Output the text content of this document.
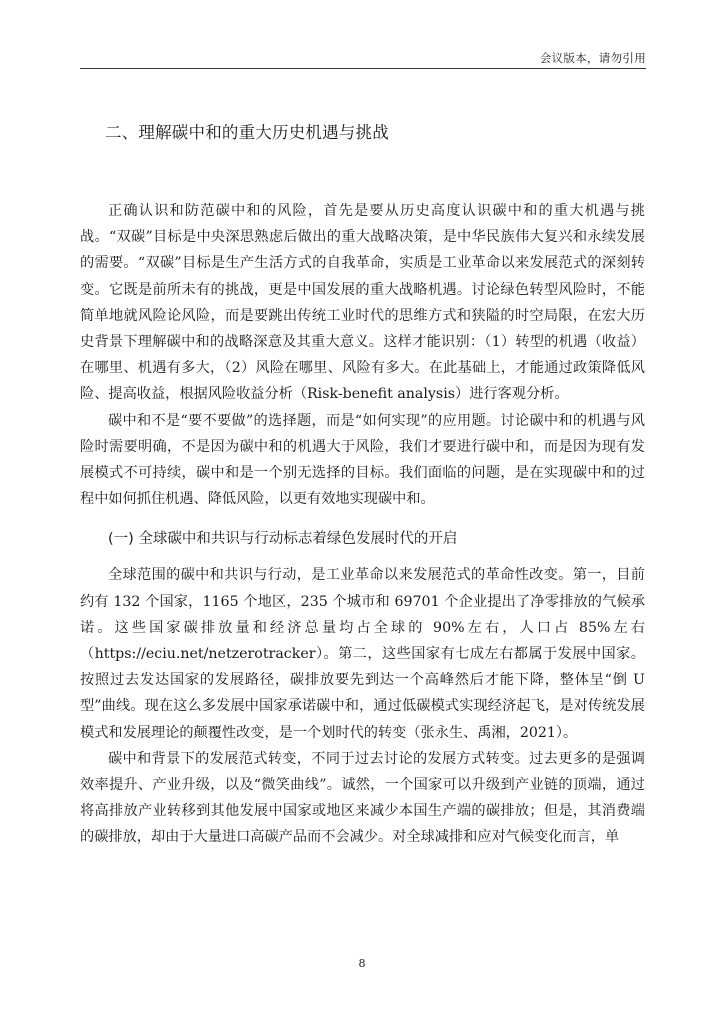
会议版本，请勿引用
二、理解碳中和的重大历史机遇与挑战

正确认识和防范碳中和的风险，首先是要从历史高度认识碳中和的重大机遇与挑战。“双碳”目标是中央深思熟虑后做出的重大战略决策，是中华民族伟大复兴和永续发展的需要。“双碳”目标是生产生活方式的自我革命，实质是工业革命以来发展范式的深刻转变。它既是前所未有的挑战，更是中国发展的重大战略机遇。讨论绿色转型风险时，不能简单地就风险论风险，而是要跳出传统工业时代的思维方式和狭隘的时空局限，在宏大历史背景下理解碳中和的战略深意及其重大意义。这样才能识别：（1）转型的机遇（收益）在哪里、机遇有多大，（2）风险在哪里、风险有多大。在此基础上，才能通过政策降低风险、提高收益，根据风险收益分析（Risk-benefit analysis）进行客观分析。

碳中和不是“要不要做”的选择题，而是“如何实现”的应用题。讨论碳中和的机遇与风险时需要明确，不是因为碳中和的机遇大于风险，我们才要进行碳中和，而是因为现有发展模式不可持续，碳中和是一个别无选择的目标。我们面临的问题，是在实现碳中和的过程中如何抓住机遇、降低风险，以更有效地实现碳中和。

(一) 全球碳中和共识与行动标志着绿色发展时代的开启

全球范围的碳中和共识与行动，是工业革命以来发展范式的革命性改变。第一，目前约有 132 个国家，1165 个地区，235 个城市和 69701 个企业提出了净零排放的气候承诺。这些国家碳排放量和经济总量均占全球的 90%左右，人口占 85%左右（https://eciu.net/netzerotracker）。第二，这些国家有七成左右都属于发展中国家。按照过去发达国家的发展路径，碳排放要先到达一个高峰然后才能下降，整体呈“倒 U 型”曲线。现在这么多发展中国家承诺碳中和，通过低碳模式实现经济起飞，是对传统发展模式和发展理论的颠覆性改变，是一个划时代的转变（张永生、禹湘，2021）。

碳中和背景下的发展范式转变，不同于过去讨论的发展方式转变。过去更多的是强调效率提升、产业升级，以及“微笑曲线”。诚然，一个国家可以升级到产业链的顶端，通过将高排放产业转移到其他发展中国家或地区来减少本国生产端的碳排放；但是，其消费端的碳排放，却由于大量进口高碳产品而不会减少。对全球减排和应对气候变化而言，单

8
